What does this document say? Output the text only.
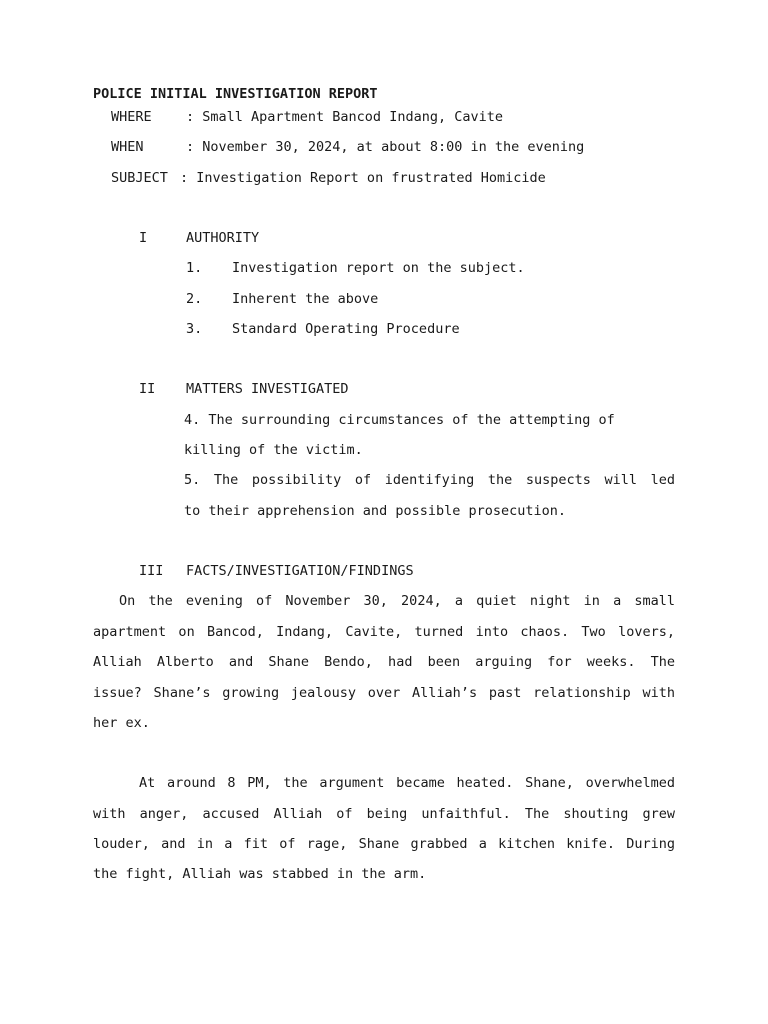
POLICE INITIAL INVESTIGATION REPORT
WHERE	: Small Apartment Bancod Indang, Cavite
WHEN	: November 30, 2024, at about 8:00 in the evening
SUBJECT : Investigation Report on frustrated Homicide
I	AUTHORITY
1. Investigation report on the subject.
2. Inherent the above
3. Standard Operating Procedure
II MATTERS INVESTIGATED
4. The surrounding circumstances of the attempting of
killing of the victim.
5. The possibility of identifying the suspects will led
to their apprehension and possible prosecution.
III FACTS/INVESTIGATION/FINDINGS
On the evening of November 30, 2024, a quiet night in a small
apartment on Bancod, Indang, Cavite, turned into chaos. Two lovers,
Alliah Alberto and Shane Bendo, had been arguing for weeks. The
issue? Shane’s growing jealousy over Alliah’s past relationship with
her ex.
At around 8 PM, the argument became heated. Shane, overwhelmed
with anger, accused Alliah of being unfaithful. The shouting grew
louder, and in a fit of rage, Shane grabbed a kitchen knife. During
the fight, Alliah was stabbed in the arm.
